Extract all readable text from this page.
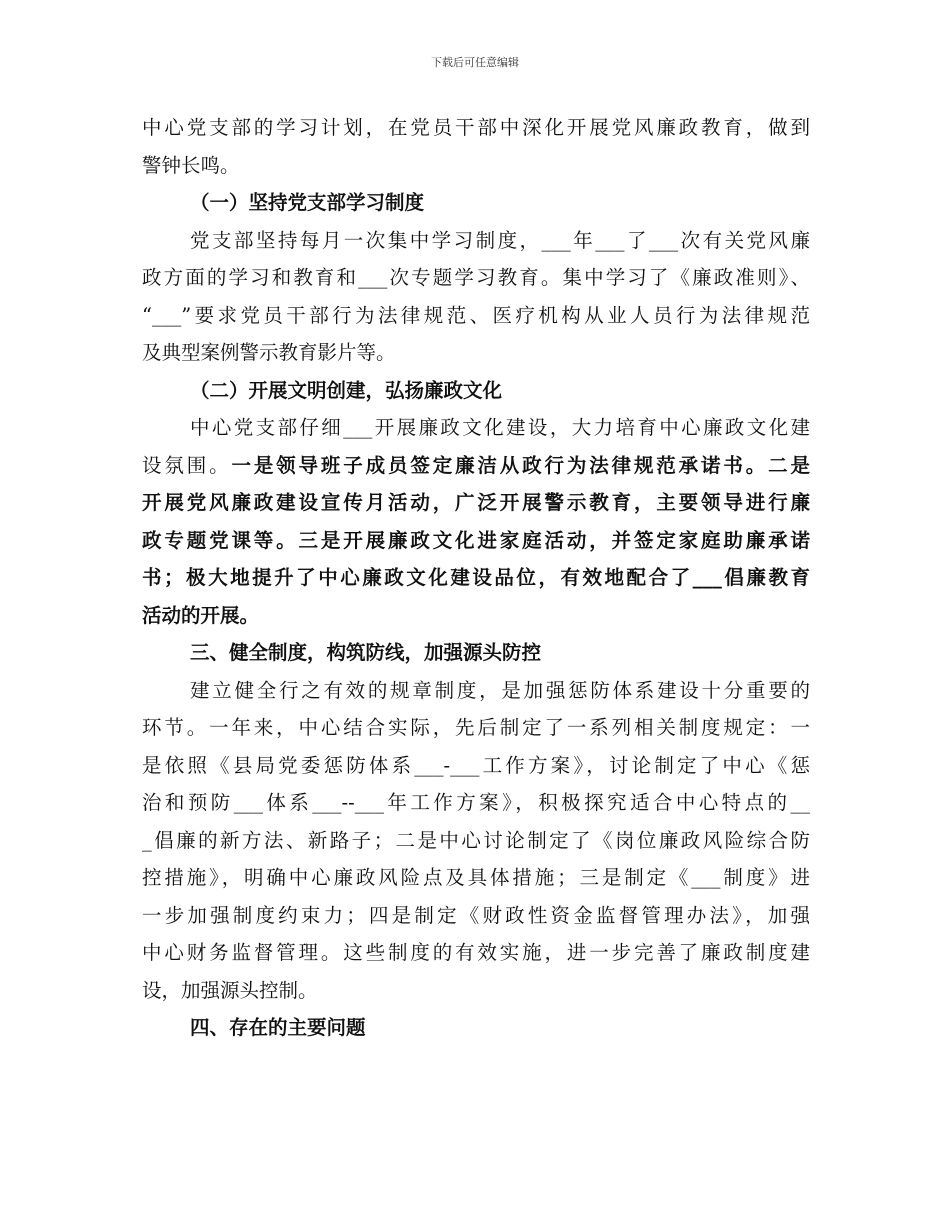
下载后可任意编辑
中心党支部的学习计划，在党员干部中深化开展党风廉政教育，做到
警钟长鸣。
（一）坚持党支部学习制度
党支部坚持每月一次集中学习制度，___年___了___次有关党风廉
政方面的学习和教育和___次专题学习教育。集中学习了《廉政准则》、
“___”要求党员干部行为法律规范、医疗机构从业人员行为法律规范
及典型案例警示教育影片等。
（二）开展文明创建，弘扬廉政文化
中心党支部仔细___开展廉政文化建设，大力培育中心廉政文化建
设氛围。一是领导班子成员签定廉洁从政行为法律规范承诺书。二是
开展党风廉政建设宣传月活动，广泛开展警示教育，主要领导进行廉
政专题党课等。三是开展廉政文化进家庭活动，并签定家庭助廉承诺
书；极大地提升了中心廉政文化建设品位，有效地配合了___倡廉教育
活动的开展。
三、健全制度，构筑防线，加强源头防控
建立健全行之有效的规章制度，是加强惩防体系建设十分重要的
环节。一年来，中心结合实际，先后制定了一系列相关制度规定：一
是依照《县局党委惩防体系___-___工作方案》，讨论制定了中心《惩
治和预防___体系___--___年工作方案》，积极探究适合中心特点的__
_倡廉的新方法、新路子；二是中心讨论制定了《岗位廉政风险综合防
控措施》，明确中心廉政风险点及具体措施；三是制定《___制度》进
一步加强制度约束力；四是制定《财政性资金监督管理办法》，加强
中心财务监督管理。这些制度的有效实施，进一步完善了廉政制度建
设，加强源头控制。
四、存在的主要问题
